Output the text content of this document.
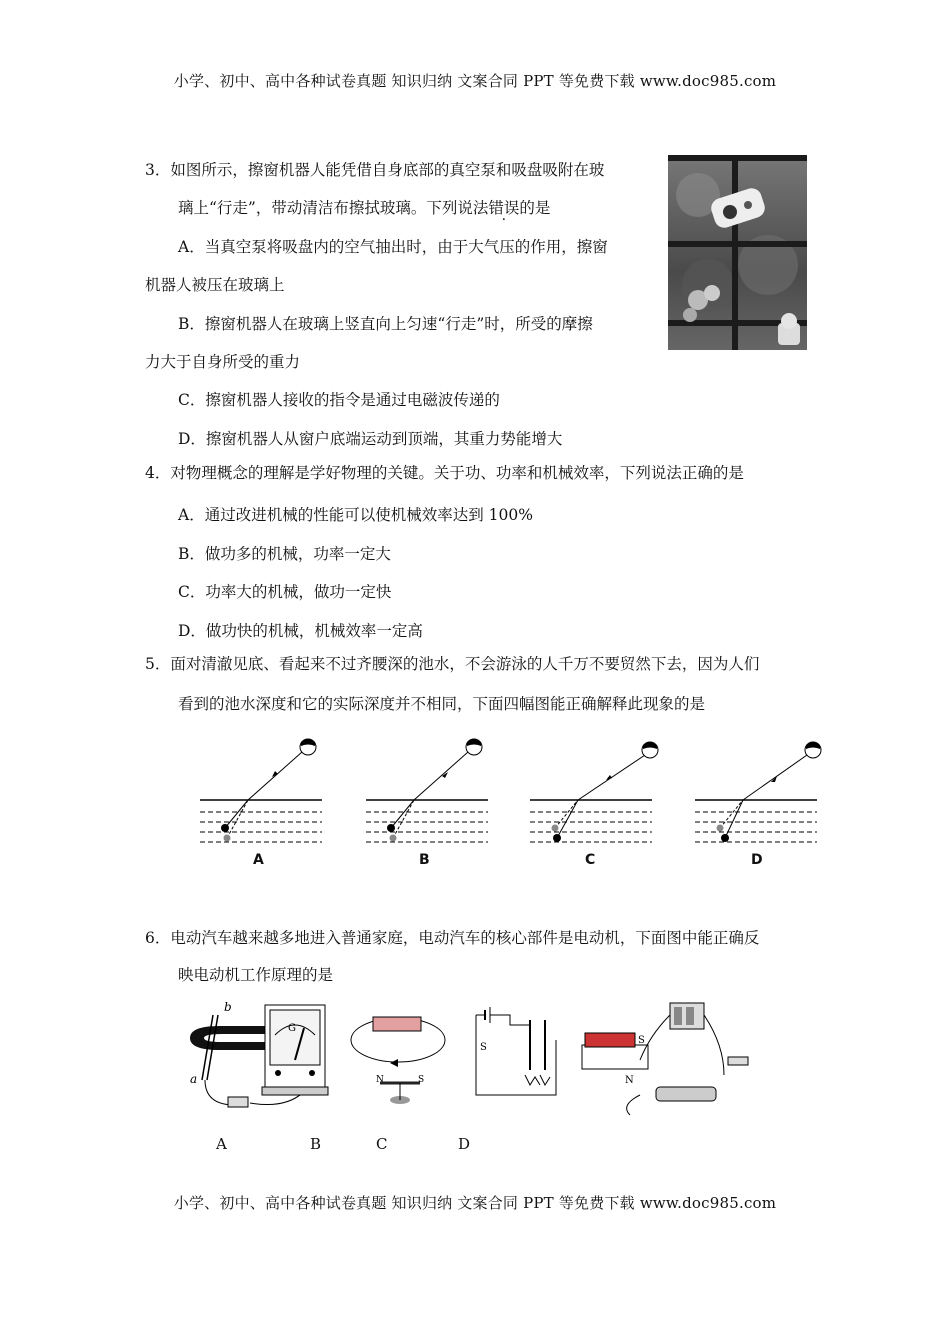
小学、初中、高中各种试卷真题 知识归纳 文案合同 PPT 等免费下载 www.doc985.com
3．如图所示，擦窗机器人能凭借自身底部的真空泵和吸盘吸附在玻
璃上“行走”，带动清洁布擦拭玻璃。下列说法错误的是
A．当真空泵将吸盘内的空气抽出时，由于大气压的作用，擦窗
机器人被压在玻璃上
B．擦窗机器人在玻璃上竖直向上匀速“行走”时，所受的摩擦
力大于自身所受的重力
C．擦窗机器人接收的指令是通过电磁波传递的
D．擦窗机器人从窗户底端运动到顶端，其重力势能增大
4．对物理概念的理解是学好物理的关键。关于功、功率和机械效率，下列说法正确的是
A．通过改进机械的性能可以使机械效率达到 100%
B．做功多的机械，功率一定大
C．功率大的机械，做功一定快
D．做功快的机械，机械效率一定高
5．面对清澈见底、看起来不过齐腰深的池水，不会游泳的人千万不要贸然下去，因为人们
看到的池水深度和它的实际深度并不相同，下面四幅图能正确解释此现象的是
A	B	C	D
6．电动汽车越来越多地进入普通家庭，电动汽车的核心部件是电动机，下面图中能正确反
映电动机工作原理的是
b
a
G
N	S
S
S
N
A	B	C	D
小学、初中、高中各种试卷真题 知识归纳 文案合同 PPT 等免费下载 www.doc985.com
